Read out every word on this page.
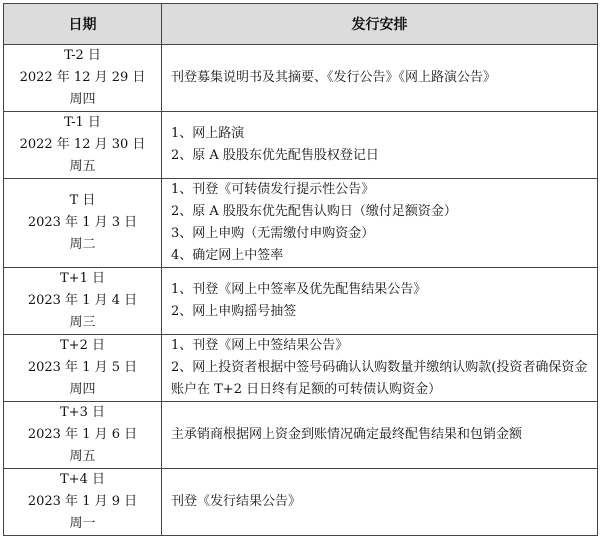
日期	发行安排

T-2 日
2022 年 12 月 29 日
周四	刊登募集说明书及其摘要、《发行公告》《网上路演公告》

T-1 日
2022 年 12 月 30 日
周五	1、网上路演
2、原 A 股股东优先配售股权登记日

T 日
2023 年 1 月 3 日
周二	1、刊登《可转债发行提示性公告》
2、原 A 股股东优先配售认购日（缴付足额资金）
3、网上申购（无需缴付申购资金）
4、确定网上中签率

T+1 日
2023 年 1 月 4 日
周三	1、刊登《网上中签率及优先配售结果公告》
2、网上申购摇号抽签

T+2 日
2023 年 1 月 5 日
周四	1、刊登《网上中签结果公告》
2、网上投资者根据中签号码确认认购数量并缴纳认购款(投资者确保资金账户在 T+2 日日终有足额的可转债认购资金）

T+3 日
2023 年 1 月 6 日
周五	主承销商根据网上资金到账情况确定最终配售结果和包销金额

T+4 日
2023 年 1 月 9 日
周一	刊登《发行结果公告》
